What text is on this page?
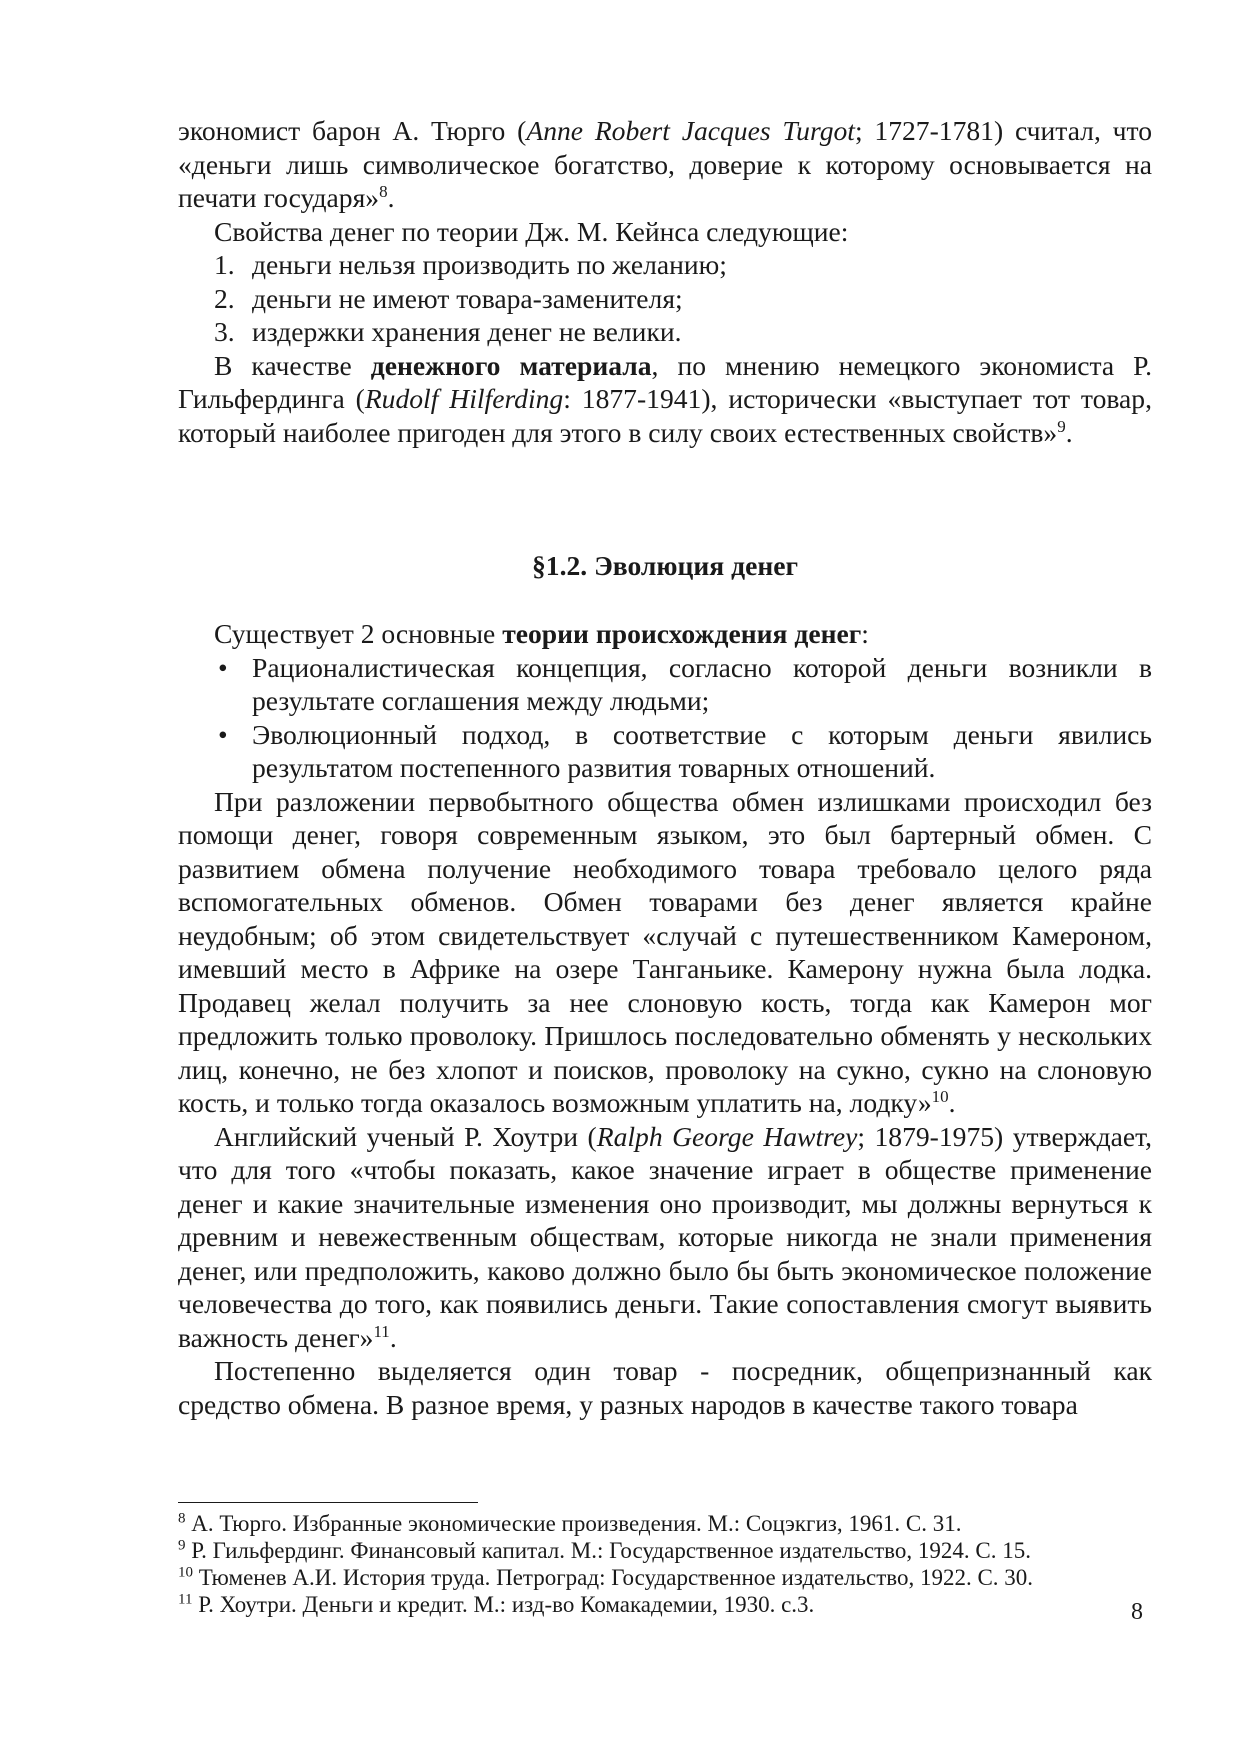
экономист барон А. Тюрго (Anne Robert Jacques Turgot; 1727-1781) считал, что «деньги лишь символическое богатство, доверие к которому основывается на печати государя»$^8$.

Свойства денег по теории Дж. М. Кейнса следующие:

1. деньги нельзя производить по желанию;
2. деньги не имеют товара-заменителя;
3. издержки хранения денег не велики.

В качестве денежного материала, по мнению немецкого экономиста Р. Гильфердинга (Rudolf Hilferding: 1877-1941), исторически «выступает тот товар, который наиболее пригоден для этого в силу своих естественных свойств»$^9$.

§1.2. Эволюция денег

Существует 2 основные теории происхождения денег:

• Рационалистическая концепция, согласно которой деньги возникли в результате соглашения между людьми;
• Эволюционный подход, в соответствие с которым деньги явились результатом постепенного развития товарных отношений.

При разложении первобытного общества обмен излишками происходил без помощи денег, говоря современным языком, это был бартерный обмен. С развитием обмена получение необходимого товара требовало целого ряда вспомогательных обменов. Обмен товарами без денег является крайне неудобным; об этом свидетельствует «случай с путешественником Камероном, имевший место в Африке на озере Танганьике. Камерону нужна была лодка. Продавец желал получить за нее слоновую кость, тогда как Камерон мог предложить только проволоку. Пришлось последовательно обменять у нескольких лиц, конечно, не без хлопот и поисков, проволоку на сукно, сукно на слоновую кость, и только тогда оказалось возможным уплатить на, лодку»$^{10}$.

Английский ученый Р. Хоутри (Ralph George Hawtrey; 1879-1975) утверждает, что для того «чтобы показать, какое значение играет в обществе применение денег и какие значительные изменения оно производит, мы должны вернуться к древним и невежественным обществам, которые никогда не знали применения денег, или предположить, каково должно было бы быть экономическое положение человечества до того, как появились деньги. Такие сопоставления смогут выявить важность денег»$^{11}$.

Постепенно выделяется один товар - посредник, общепризнанный как средство обмена. В разное время, у разных народов в качестве такого товара

$^8$ А. Тюрго. Избранные экономические произведения. М.: Соцэкгиз, 1961. С. 31.

$^9$ Р. Гильфердинг. Финансовый капитал. М.: Государственное издательство, 1924. С. 15.

$^{10}$ Тюменев А.И. История труда. Петроград: Государственное издательство, 1922. С. 30.

$^{11}$ Р. Хоутри. Деньги и кредит. М.: изд-во Комакадемии, 1930. с.3.	8
